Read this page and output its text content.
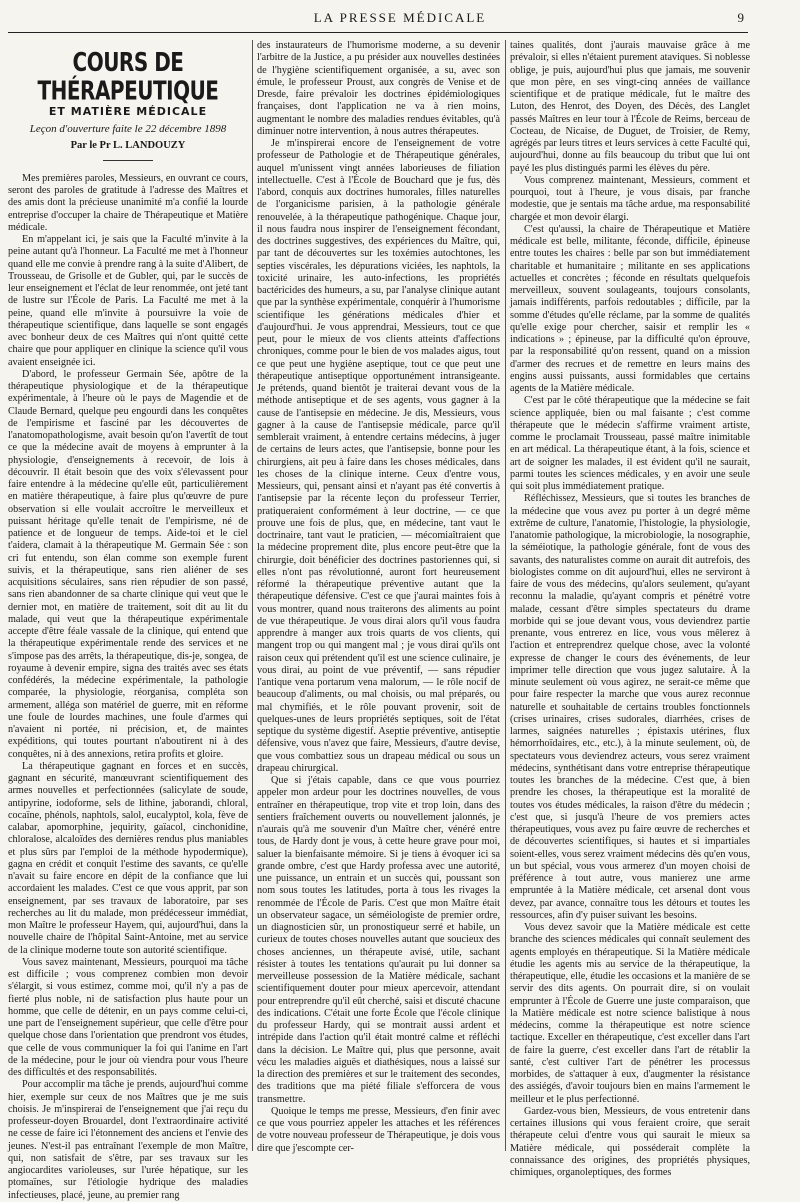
LA PRESSE MÉDICALE	9
COURS DE THÉRAPEUTIQUE
ET MATIÈRE MÉDICALE
Leçon d'ouverture faite le 22 décembre 1898
Par le Pr L. LANDOUZY

Mes premières paroles, Messieurs, en ouvrant ce cours, seront des paroles de gratitude à l'adresse des Maîtres et des amis dont la précieuse unanimité m'a confié la lourde entreprise d'occuper la chaire de Thérapeutique et Matière médicale.

En m'appelant ici, je sais que la Faculté m'invite à la peine autant qu'à l'honneur. La Faculté me met à l'honneur quand elle me convie à prendre rang à la suite d'Alibert, de Trousseau, de Grisolle et de Gubler, qui, par le succès de leur enseignement et l'éclat de leur renommée, ont jeté tant de lustre sur l'École de Paris. La Faculté me met à la peine, quand elle m'invite à poursuivre la voie de thérapeutique scientifique, dans laquelle se sont engagés avec bonheur deux de ces Maîtres qui n'ont quitté cette chaire que pour appliquer en clinique la science qu'il vous avaient enseignée ici.

D'abord, le professeur Germain Sée, apôtre de la thérapeutique physiologique et de la thérapeutique expérimentale, à l'heure où le pays de Magendie et de Claude Bernard, quelque peu engourdi dans les conquêtes de l'empirisme et fasciné par les découvertes de l'anatomopathologisme, avait besoin qu'on l'avertît de tout ce que la médecine avait de moyens à emprunter à la physiologie, d'enseignements à recevoir, de lois à découvrir. Il était besoin que des voix s'élevassent pour faire entendre à la médecine qu'elle eût, particulièrement en matière thérapeutique, à faire plus qu'œuvre de pure observation si elle voulait accroître le merveilleux et puissant héritage qu'elle tenait de l'empirisme, né de patience et de longueur de temps. Aide-toi et le ciel t'aidera, clamait à la thérapeutique M. Germain Sée : son cri fut entendu, son élan comme son exemple furent suivis, et la thérapeutique, sans rien aliéner de ses acquisitions séculaires, sans rien répudier de son passé, sans rien abandonner de sa charte clinique qui veut que le dernier mot, en matière de traitement, soit dit au lit du malade, qui veut que la thérapeutique expérimentale accepte d'être féale vassale de la clinique, qui entend que la thérapeutique expérimentale rende des services et ne s'impose pas des arrêts, la thérapeutique, dis-je, songea, de royaume à devenir empire, signa des traités avec ses états confédérés, la médecine expérimentale, la pathologie comparée, la physiologie, réorganisa, compléta son armement, alléga son matériel de guerre, mit en réforme une foule de lourdes machines, une foule d'armes qui n'avaient ni portée, ni précision, et, de maintes expéditions, qui toutes pourtant n'aboutirent ni à des conquêtes, ni à des annexions, retira profits et gloire.

La thérapeutique gagnant en forces et en succès, gagnant en sécurité, manœuvrant scientifiquement des armes nouvelles et perfectionnées (salicylate de soude, antipyrine, iodoforme, sels de lithine, jaborandi, chloral, cocaïne, phénols, naphtols, salol, eucalyptol, kola, fève de calabar, apomorphine, jequirity, gaïacol, cinchonidine, chloralose, alcaloïdes des dernières rendus plus maniables et plus sûrs par l'emploi de la méthode hypodermique), gagna en crédit et conquit l'estime des savants, ce qu'elle n'avait su faire encore en dépit de la confiance que lui accordaient les malades. C'est ce que vous apprit, par son enseignement, par ses travaux de laboratoire, par ses recherches au lit du malade, mon prédécesseur immédiat, mon Maître le professeur Hayem, qui, aujourd'hui, dans la nouvelle chaire de l'hôpital Saint-Antoine, met au service de la clinique moderne toute son autorité scientifique.

Vous savez maintenant, Messieurs, pourquoi ma tâche est difficile ; vous comprenez combien mon devoir s'élargit, si vous estimez, comme moi, qu'il n'y a pas de fierté plus noble, ni de satisfaction plus haute pour un homme, que celle de détenir, en un pays comme celui-ci, une part de l'enseignement supérieur, que celle d'être pour quelque chose dans l'orientation que prendront vos études, que celle de vous communiquer la foi qui l'anime en l'art de la médecine, pour le jour où viendra pour vous l'heure des difficultés et des responsabilités.

Pour accomplir ma tâche je prends, aujourd'hui comme hier, exemple sur ceux de nos Maîtres que je me suis choisis. Je m'inspirerai de l'enseignement que j'ai reçu du professeur-doyen Brouardel, dont l'extraordinaire activité ne cesse de faire ici l'étonnement des anciens et l'envie des jeunes. N'est-il pas entraînant l'exemple de mon Maître, qui, non satisfait de s'être, par ses travaux sur les angiocardites varioleuses, sur l'urée hépatique, sur les ptomaïnes, sur l'étiologie hydrique des maladies infectieuses, placé, jeune, au premier rang

des instaurateurs de l'humorisme moderne, a su devenir l'arbitre de la Justice, a pu présider aux nouvelles destinées de l'hygiène scientifiquement organisée, a su, avec son émule, le professeur Proust, aux congrès de Venise et de Dresde, faire prévaloir les doctrines épidémiologiques françaises, dont l'application ne va à rien moins, augmentant le nombre des maladies rendues évitables, qu'à diminuer notre intervention, à nous autres thérapeutes.

Je m'inspirerai encore de l'enseignement de votre professeur de Pathologie et de Thérapeutique générales, auquel m'unissent vingt années laborieuses de filiation intellectuelle. C'est à l'École de Bouchard que je fus, dès l'abord, conquis aux doctrines humorales, filles naturelles de l'organicisme parisien, à la pathologie générale renouvelée, à la thérapeutique pathogénique. Chaque jour, il nous faudra nous inspirer de l'enseignement fécondant, des doctrines suggestives, des expériences du Maître, qui, par tant de découvertes sur les toxémies autochtones, les septies viscérales, les dépurations viciées, les naphtols, la toxicité urinaire, les auto-infections, les propriétés bactéricides des humeurs, a su, par l'analyse clinique autant que par la synthèse expérimentale, conquérir à l'humorisme scientifique les générations médicales d'hier et d'aujourd'hui. Je vous apprendrai, Messieurs, tout ce que peut, pour le mieux de vos clients atteints d'affections chroniques, comme pour le bien de vos malades aigus, tout ce que peut une hygiène aseptique, tout ce que peut une thérapeutique antiseptique opportunément intransigeante. Je prétends, quand bientôt je traiterai devant vous de la méthode antiseptique et de ses agents, vous gagner à la cause de l'antisepsie en médecine. Je dis, Messieurs, vous gagner à la cause de l'antisepsie médicale, parce qu'il semblerait vraiment, à entendre certains médecins, à juger de certains de leurs actes, que l'antisepsie, bonne pour les chirurgiens, ait peu à faire dans les choses médicales, dans les choses de la clinique interne. Ceux d'entre vous, Messieurs, qui, pensant ainsi et n'ayant pas été convertis à l'antisepsie par la récente leçon du professeur Terrier, pratiqueraient conformément à leur doctrine, — ce que prouve une fois de plus, que, en médecine, tant vaut le doctrinaire, tant vaut le praticien, — mécomiaîtraient que la médecine proprement dite, plus encore peut-être que la chirurgie, doit bénéficier des doctrines pastoriennes qui, si elles n'ont pas révolutionné, auront fort heureusement réformé la thérapeutique préventive autant que la thérapeutique défensive. C'est ce que j'aurai maintes fois à vous montrer, quand nous traiterons des aliments au point de vue thérapeutique. Je vous dirai alors qu'il vous faudra apprendre à manger aux trois quarts de vos clients, qui mangent trop ou qui mangent mal ; je vous dirai qu'ils ont raison ceux qui prétendent qu'il est une science culinaire, je vous dirai, au point de vue préventif, — sans répudier l'antique vena portarum vena malorum, — le rôle nocif de beaucoup d'aliments, ou mal choisis, ou mal préparés, ou mal chymifiés, et le rôle pouvant provenir, soit de quelques-unes de leurs propriétés septiques, soit de l'état septique du système digestif. Aseptie préventive, antiseptie défensive, vous n'avez que faire, Messieurs, d'autre devise, que vous combattiez sous un drapeau médical ou sous un drapeau chirurgical.

Que si j'étais capable, dans ce que vous pourriez appeler mon ardeur pour les doctrines nouvelles, de vous entraîner en thérapeutique, trop vite et trop loin, dans des sentiers fraîchement ouverts ou nouvellement jalonnés, je n'aurais qu'à me souvenir d'un Maître cher, vénéré entre tous, de Hardy dont je vous, à cette heure grave pour moi, saluer la bienfaisante mémoire. Si je tiens à évoquer ici sa grande ombre, c'est que Hardy professa avec une autorité, une puissance, un entrain et un succès qui, poussant son nom sous toutes les latitudes, porta à tous les rivages la renommée de l'École de Paris. C'est que mon Maître était un observateur sagace, un séméiologiste de premier ordre, un diagnosticien sûr, un pronostiqueur serré et habile, un curieux de toutes choses nouvelles autant que soucieux des choses anciennes, un thérapeute avisé, utile, sachant résister à toutes les tentations qu'aurait pu lui donner sa merveilleuse possession de la Matière médicale, sachant scientifiquement douter pour mieux apercevoir, attendant pour entreprendre qu'il eût cherché, saisi et discuté chacune des indications. C'était une forte École que l'école clinique du professeur Hardy, qui se montrait aussi ardent et intrépide dans l'action qu'il était montré calme et réfléchi dans la décision. Le Maître qui, plus que personne, avait vécu les maladies aiguës et diathésiques, nous a laissé sur la direction des premières et sur le traitement des secondes, des traditions que ma piété filiale s'efforcera de vous transmettre.

Quoique le temps me presse, Messieurs, d'en finir avec ce que vous pourriez appeler les attaches et les références de votre nouveau professeur de Thérapeutique, je dois vous dire que j'escompte cer-

taines qualités, dont j'aurais mauvaise grâce à me prévaloir, si elles n'étaient purement ataviques. Si noblesse oblige, je puis, aujourd'hui plus que jamais, me souvenir que mon père, en ses vingt-cinq années de vaillance scientifique et de pratique médicale, fut le maître des Luton, des Henrot, des Doyen, des Décès, des Langlet passés Maîtres en leur tour à l'École de Reims, berceau de Cocteau, de Nicaise, de Duguet, de Troisier, de Remy, agrégés par leurs titres et leurs services à cette Faculté qui, aujourd'hui, donne au fils beaucoup du tribut que lui ont payé les plus distingués parmi les élèves du père.

Vous comprenez maintenant, Messieurs, comment et pourquoi, tout à l'heure, je vous disais, par franche modestie, que je sentais ma tâche ardue, ma responsabilité chargée et mon devoir élargi.

C'est qu'aussi, la chaire de Thérapeutique et Matière médicale est belle, militante, féconde, difficile, épineuse entre toutes les chaires : belle par son but immédiatement charitable et humanitaire ; militante en ses applications actuelles et concrètes ; féconde en résultats quelquefois merveilleux, souvent soulageants, toujours consolants, jamais indifférents, parfois redoutables ; difficile, par la somme d'études qu'elle réclame, par la somme de qualités qu'elle exige pour chercher, saisir et remplir les « indications » ; épineuse, par la difficulté qu'on éprouve, par la responsabilité qu'on ressent, quand on a mission d'armer des recrues et de remettre en leurs mains des engins aussi puissants, aussi formidables que certains agents de la Matière médicale.

C'est par le côté thérapeutique que la médecine se fait science appliquée, bien ou mal faisante ; c'est comme thérapeute que le médecin s'affirme vraiment artiste, comme le proclamait Trousseau, passé maître inimitable en art médical. La thérapeutique étant, à la fois, science et art de soigner les malades, il est évident qu'il ne saurait, parmi toutes les sciences médicales, y en avoir une seule qui soit plus immédiatement pratique.

Réfléchissez, Messieurs, que si toutes les branches de la médecine que vous avez pu porter à un degré même extrême de culture, l'anatomie, l'histologie, la physiologie, l'anatomie pathologique, la microbiologie, la nosographie, la séméiotique, la pathologie générale, font de vous des savants, des naturalistes comme on aurait dit autrefois, des biologistes comme on dit aujourd'hui, elles ne serviront à faire de vous des médecins, qu'alors seulement, qu'ayant reconnu la maladie, qu'ayant compris et pénétré votre malade, cessant d'être simples spectateurs du drame morbide qui se joue devant vous, vous deviendrez partie prenante, vous entrerez en lice, vous vous mêlerez à l'action et entreprendrez quelque chose, avec la volonté expresse de changer le cours des événements, de leur imprimer telle direction que vous jugez salutaire. À la minute seulement où vous agirez, ne serait-ce même que pour faire respecter la marche que vous aurez reconnue naturelle et souhaitable de certains troubles fonctionnels (crises urinaires, crises sudorales, diarrhées, crises de larmes, saignées naturelles ; épistaxis utérines, flux hémorrhoïdaires, etc., etc.), à la minute seulement, où, de spectateurs vous deviendrez acteurs, vous serez vraiment médecins, synthétisant dans votre entreprise thérapeutique toutes les branches de la médecine. C'est que, à bien prendre les choses, la thérapeutique est la moralité de toutes vos études médicales, la raison d'être du médecin ; c'est que, si jusqu'à l'heure de vos premiers actes thérapeutiques, vous avez pu faire œuvre de recherches et de découvertes scientifiques, si hautes et si impartiales soient-elles, vous serez vraiment médecins dès qu'en vous, un but spécial, vous vous armerez d'un moyen choisi de préférence à tout autre, vous manierez une arme empruntée à la Matière médicale, cet arsenal dont vous devez, par avance, connaître tous les détours et toutes les ressources, afin d'y puiser suivant les besoins.

Vous devez savoir que la Matière médicale est cette branche des sciences médicales qui connaît seulement des agents employés en thérapeutique. Si la Matière médicale étudie les agents mis au service de la thérapeutique, la thérapeutique, elle, étudie les occasions et la manière de se servir des dits agents. On pourrait dire, si on voulait emprunter à l'École de Guerre une juste comparaison, que la Matière médicale est notre science balistique à nous médecins, comme la thérapeutique est notre science tactique. Exceller en thérapeutique, c'est exceller dans l'art de faire la guerre, c'est exceller dans l'art de rétablir la santé, c'est cultiver l'art de pénétrer les processus morbides, de s'attaquer à eux, d'augmenter la résistance des assiégés, d'avoir toujours bien en mains l'armement le meilleur et le plus perfectionné.

Gardez-vous bien, Messieurs, de vous entretenir dans certaines illusions qui vous feraient croire, que serait thérapeute celui d'entre vous qui saurait le mieux sa Matière médicale, qui posséderait complète la connaissance des origines, des propriétés physiques, chimiques, organoleptiques, des formes
